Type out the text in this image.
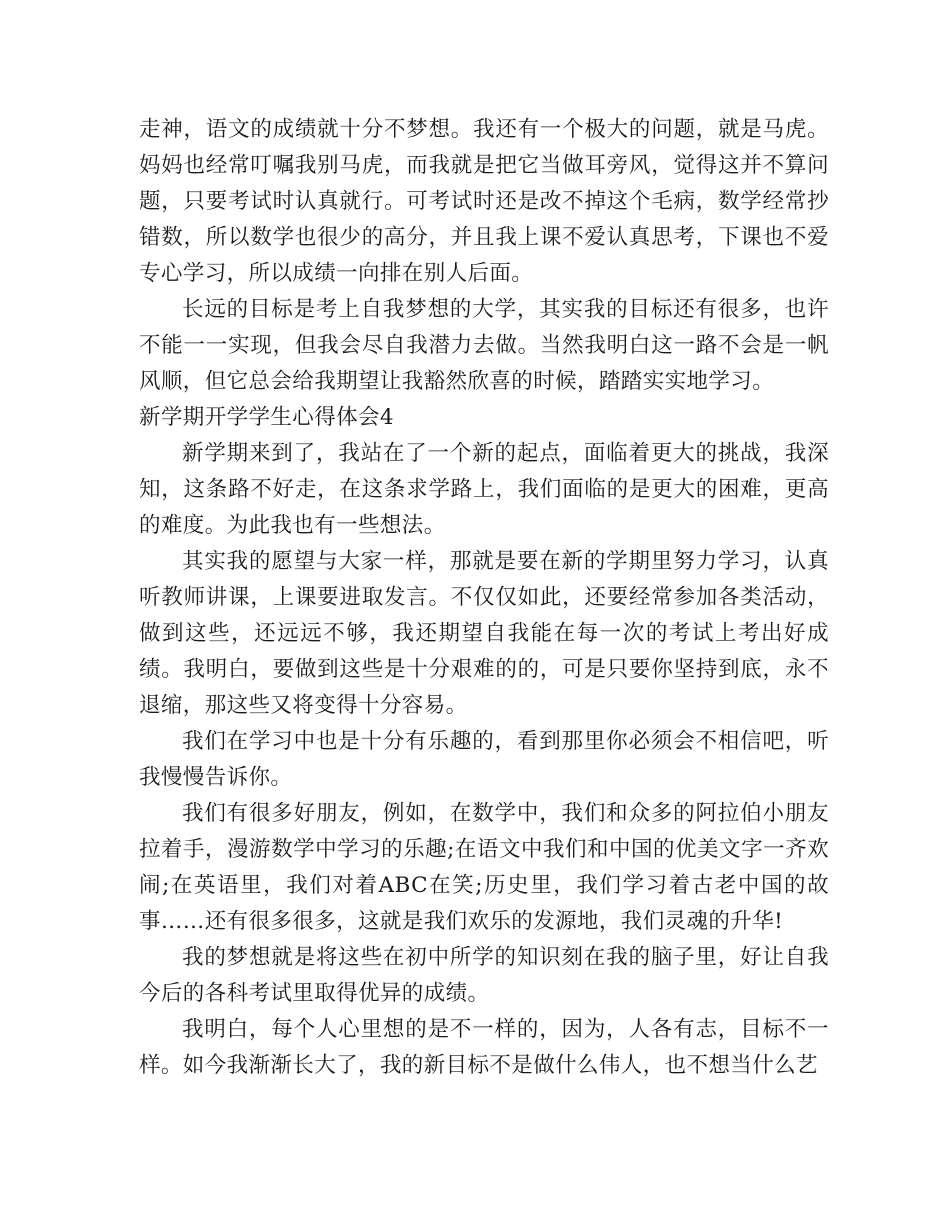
走神，语文的成绩就十分不梦想。我还有一个极大的问题，就是马虎。妈妈也经常叮嘱我别马虎，而我就是把它当做耳旁风，觉得这并不算问题，只要考试时认真就行。可考试时还是改不掉这个毛病，数学经常抄错数，所以数学也很少的高分，并且我上课不爱认真思考，下课也不爱专心学习，所以成绩一向排在别人后面。

长远的目标是考上自我梦想的大学，其实我的目标还有很多，也许不能一一实现，但我会尽自我潜力去做。当然我明白这一路不会是一帆风顺，但它总会给我期望让我豁然欣喜的时候，踏踏实实地学习。

新学期开学学生心得体会4

新学期来到了，我站在了一个新的起点，面临着更大的挑战，我深知，这条路不好走，在这条求学路上，我们面临的是更大的困难，更高的难度。为此我也有一些想法。

其实我的愿望与大家一样，那就是要在新的学期里努力学习，认真听教师讲课，上课要进取发言。不仅仅如此，还要经常参加各类活动，做到这些，还远远不够，我还期望自我能在每一次的考试上考出好成绩。我明白，要做到这些是十分艰难的的，可是只要你坚持到底，永不退缩，那这些又将变得十分容易。

我们在学习中也是十分有乐趣的，看到那里你必须会不相信吧，听我慢慢告诉你。

我们有很多好朋友，例如，在数学中，我们和众多的阿拉伯小朋友拉着手，漫游数学中学习的乐趣;在语文中我们和中国的优美文字一齐欢闹;在英语里，我们对着ABC在笑;历史里，我们学习着古老中国的故事……还有很多很多，这就是我们欢乐的发源地，我们灵魂的升华!

我的梦想就是将这些在初中所学的知识刻在我的脑子里，好让自我今后的各科考试里取得优异的成绩。

我明白，每个人心里想的是不一样的，因为，人各有志，目标不一样。如今我渐渐长大了，我的新目标不是做什么伟人，也不想当什么艺
